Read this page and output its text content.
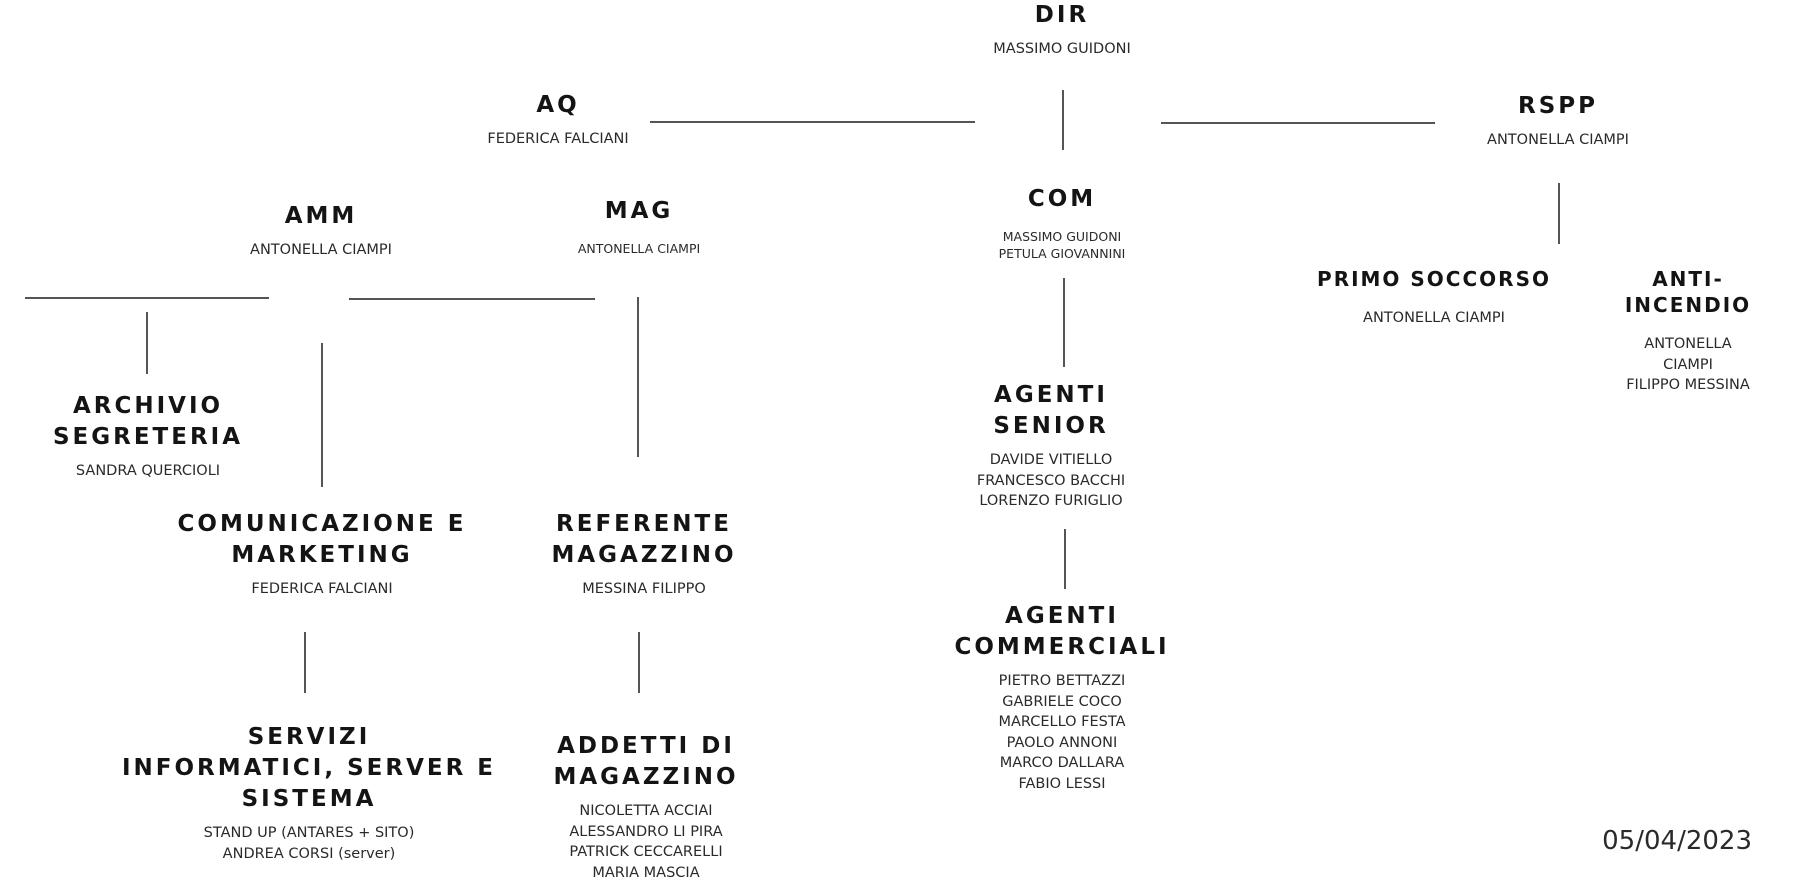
DIR
MASSIMO GUIDONI
AQ
FEDERICA FALCIANI
RSPP
ANTONELLA CIAMPI
AMM
ANTONELLA CIAMPI
MAG
ANTONELLA CIAMPI
COM
MASSIMO GUIDONI
PETULA GIOVANNINI
PRIMO SOCCORSO
ANTONELLA CIAMPI
ANTI- INCENDIO
ANTONELLA CIAMPI
FILIPPO MESSINA
ARCHIVIO
SEGRETERIA
SANDRA QUERCIOLI
COMUNICAZIONE E
MARKETING
FEDERICA FALCIANI
REFERENTE
MAGAZZINO
MESSINA FILIPPO
AGENTI
SENIOR
DAVIDE VITIELLO
FRANCESCO BACCHI
LORENZO FURIGLIO
AGENTI
COMMERCIALI
PIETRO BETTAZZI
GABRIELE COCO
MARCELLO FESTA
PAOLO ANNONI
MARCO DALLARA
FABIO LESSI
SERVIZI
INFORMATICI, SERVER E
SISTEMA
STAND UP (ANTARES + SITO)
ANDREA CORSI (server)
ADDETTI DI
MAGAZZINO
NICOLETTA ACCIAI
ALESSANDRO LI PIRA
PATRICK CECCARELLI
MARIA MASCIA
05/04/2023
